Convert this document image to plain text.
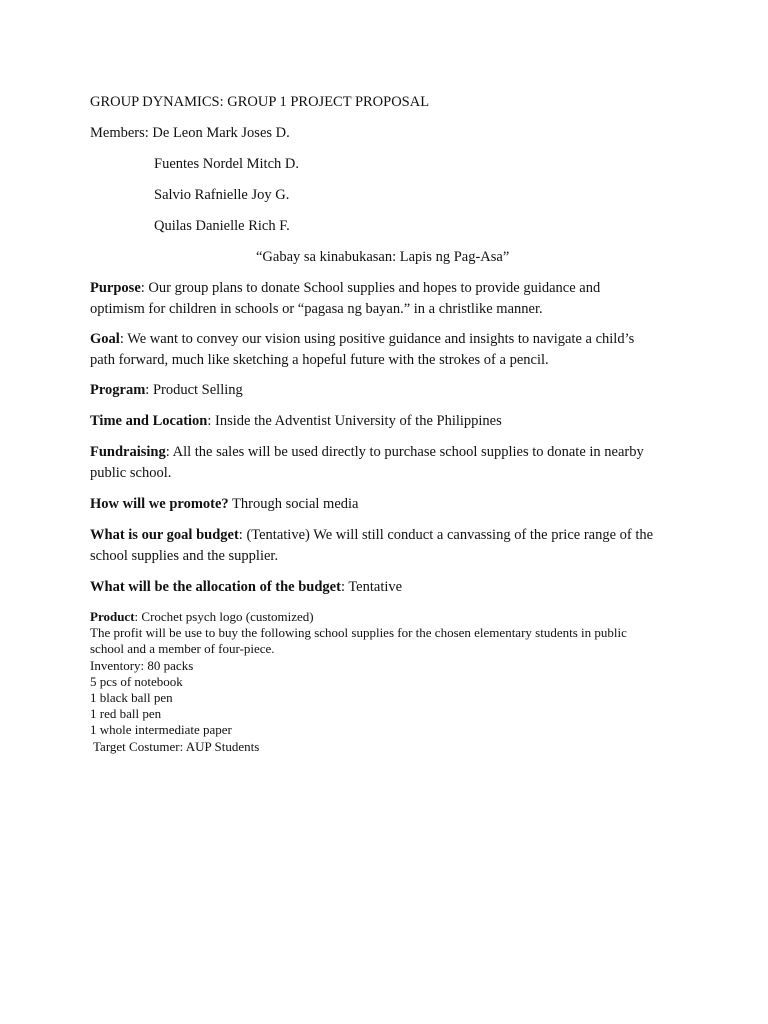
GROUP DYNAMICS: GROUP 1 PROJECT PROPOSAL

Members: De Leon Mark Joses D.

Fuentes Nordel Mitch D.

Salvio Rafnielle Joy G.

Quilas Danielle Rich F.

“Gabay sa kinabukasan: Lapis ng Pag-Asa”

Purpose: Our group plans to donate School supplies and hopes to provide guidance and
optimism for children in schools or “pagasa ng bayan.” in a christlike manner.

Goal: We want to convey our vision using positive guidance and insights to navigate a child’s
path forward, much like sketching a hopeful future with the strokes of a pencil.

Program: Product Selling

Time and Location: Inside the Adventist University of the Philippines

Fundraising: All the sales will be used directly to purchase school supplies to donate in nearby
public school.

How will we promote? Through social media

What is our goal budget: (Tentative) We will still conduct a canvassing of the price range of the
school supplies and the supplier.

What will be the allocation of the budget: Tentative

Product: Crochet psych logo (customized)
The profit will be use to buy the following school supplies for the chosen elementary students in public
school and a member of four-piece.
Inventory: 80 packs
5 pcs of notebook
1 black ball pen
1 red ball pen
1 whole intermediate paper
Target Costumer: AUP Students
